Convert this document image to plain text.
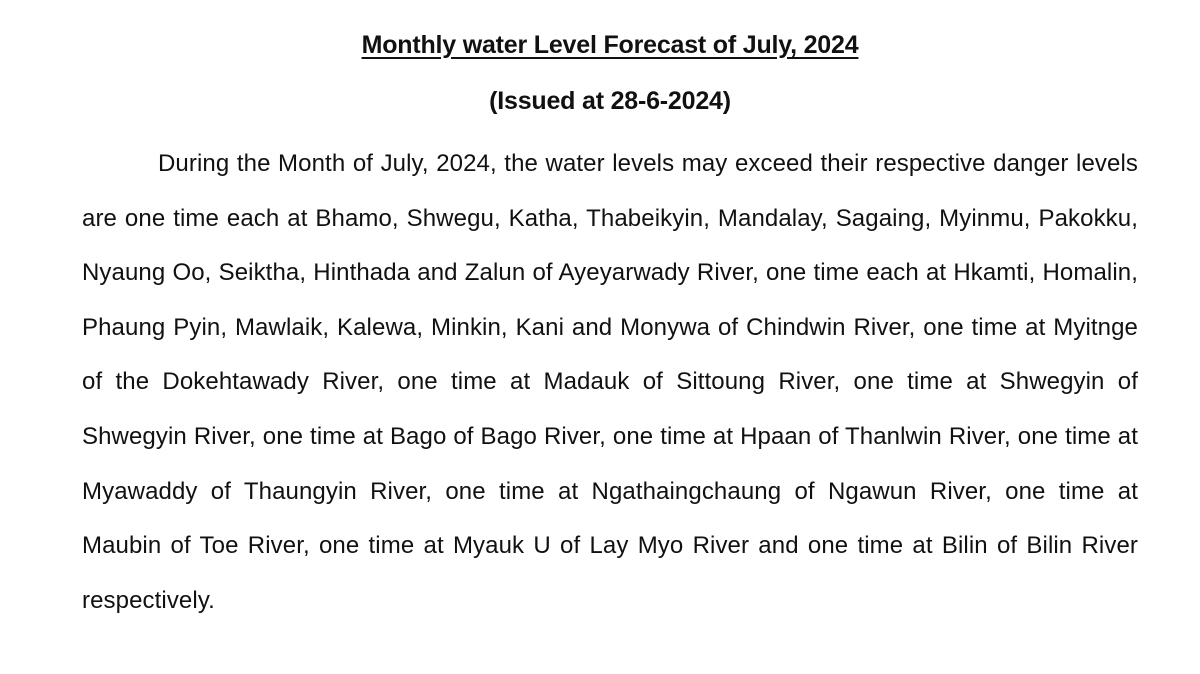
Monthly water Level Forecast of July, 2024
(Issued at 28-6-2024)

During the Month of July, 2024, the water levels may exceed their respective danger levels are one time each at Bhamo, Shwegu, Katha, Thabeikyin, Mandalay, Sagaing, Myinmu, Pakokku, Nyaung Oo, Seiktha, Hinthada and Zalun of Ayeyarwady River, one time each at Hkamti, Homalin, Phaung Pyin, Mawlaik, Kalewa, Minkin, Kani and Monywa of Chindwin River, one time at Myitnge of the Dokehtawady River, one time at Madauk of Sittoung River, one time at Shwegyin of Shwegyin River, one time at Bago of Bago River, one time at Hpaan of Thanlwin River, one time at Myawaddy of Thaungyin River, one time at Ngathaingchaung of Ngawun River, one time at Maubin of Toe River, one time at Myauk U of Lay Myo River and one time at Bilin of Bilin River respectively.
